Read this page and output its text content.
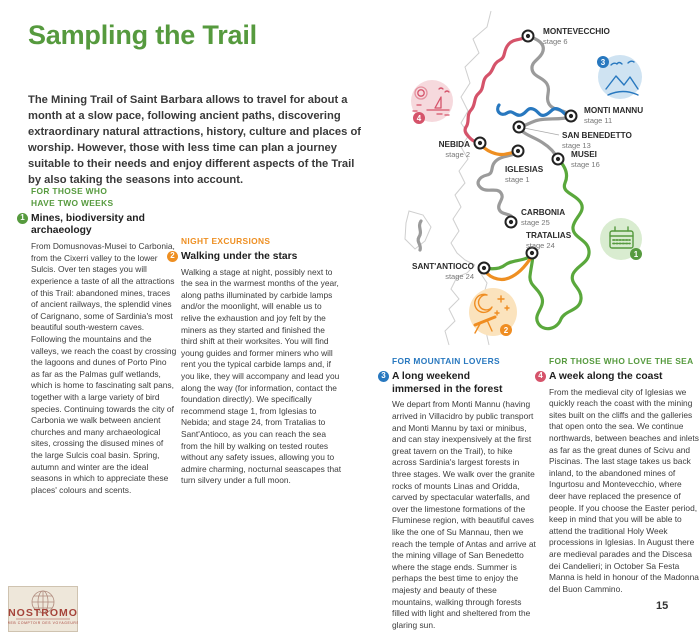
Sampling the Trail
The Mining Trail of Saint Barbara allows to travel for about a month at a slow pace, following ancient paths, discovering extraordinary natural attractions, history, culture and places of worship. However, those with less time can plan a journey suitable to their needs and enjoy different aspects of the Trail by also taking the seasons into account.
FOR THOSE WHO HAVE TWO WEEKS
1 Mines, biodiversity and archaeology
From Domusnovas-Musei to Carbonia, from the Cixerri valley to the lower Sulcis. Over ten stages you will experience a taste of all the attractions of this Trail: abandoned mines, traces of ancient railways, the splendid vines of Carignano, some of Sardinia's most beautiful south-western caves. Following the mountains and the valleys, we reach the coast by crossing the lagoons and dunes of Porto Pino as far as the Palmas gulf wetlands, which is home to fascinating salt pans, together with a large variety of bird species. Continuing towards the city of Carbonia we walk between ancient churches and many archaeological sites, crossing the disused mines of the large Sulcis coal basin. Spring, autumn and winter are the ideal seasons in which to appreciate these places' colours and scents.
NIGHT EXCURSIONS
2 Walking under the stars
Walking a stage at night, possibly next to the sea in the warmest months of the year, along paths illuminated by carbide lamps and/or the moonlight, will enable us to relive the exhaustion and joy felt by the miners as they started and finished the third shift at their worksites. You will find young guides and former miners who will rent you the typical carbide lamps and, if you like, they will accompany and lead you along the way (for information, contact the foundation directly). We specifically recommend stage 1, from Iglesias to Nebida; and stage 24, from Tratalias to Sant'Antioco, as you can reach the sea from the hill by walking on tested routes without any safety issues, allowing you to admire charming, nocturnal seascapes that turn silvery under a full moon.
FOR MOUNTAIN LOVERS
3 A long weekend immersed in the forest
We depart from Monti Mannu (having arrived in Villacidro by public transport and Monti Mannu by taxi or minibus, and can stay inexpensively at the first great tavern on the Trail), to hike across Sardinia's largest forests in three stages. We walk over the granite rocks of mounts Linas and Oridda, carved by spectacular waterfalls, and over the limestone formations of the Fluminese region, with beautiful caves like the one of Su Mannau, then we reach the temple of Antas and arrive at the mining village of San Benedetto where the stage ends. Summer is perhaps the best time to enjoy the majesty and beauty of these mountains, walking through forests filled with light and sheltered from the glaring sun.
FOR THOSE WHO LOVE THE SEA
4 A week along the coast
From the medieval city of Iglesias we quickly reach the coast with the mining sites built on the cliffs and the galleries that open onto the sea. We continue northwards, between beaches and inlets as far as the great dunes of Scivu and Piscinas. The last stage takes us back inland, to the abandoned mines of Ingurtosu and Montevecchio, where deer have replaced the presence of people. If you choose the Easter period, keep in mind that you will be able to attend the traditional Holy Week processions in Iglesias. In August there are medieval parades and the Discesa dei Candelieri; in October Sa Festa Manna is held in honour of the Madonna del Buon Cammino.
3
4
1
2
MONTEVECCHIO
stage 6
MONTI MANNU
stage 11
SAN BENEDETTO
stage 13
MUSEI
stage 16
NEBIDA
stage 2
IGLESIAS
stage 1
CARBONIA
stage 25
TRATALIAS
stage 24
SANT'ANTIOCO
stage 24
NOSTROMO
WEB COMPTOIR DES VOYAGEURS
15
